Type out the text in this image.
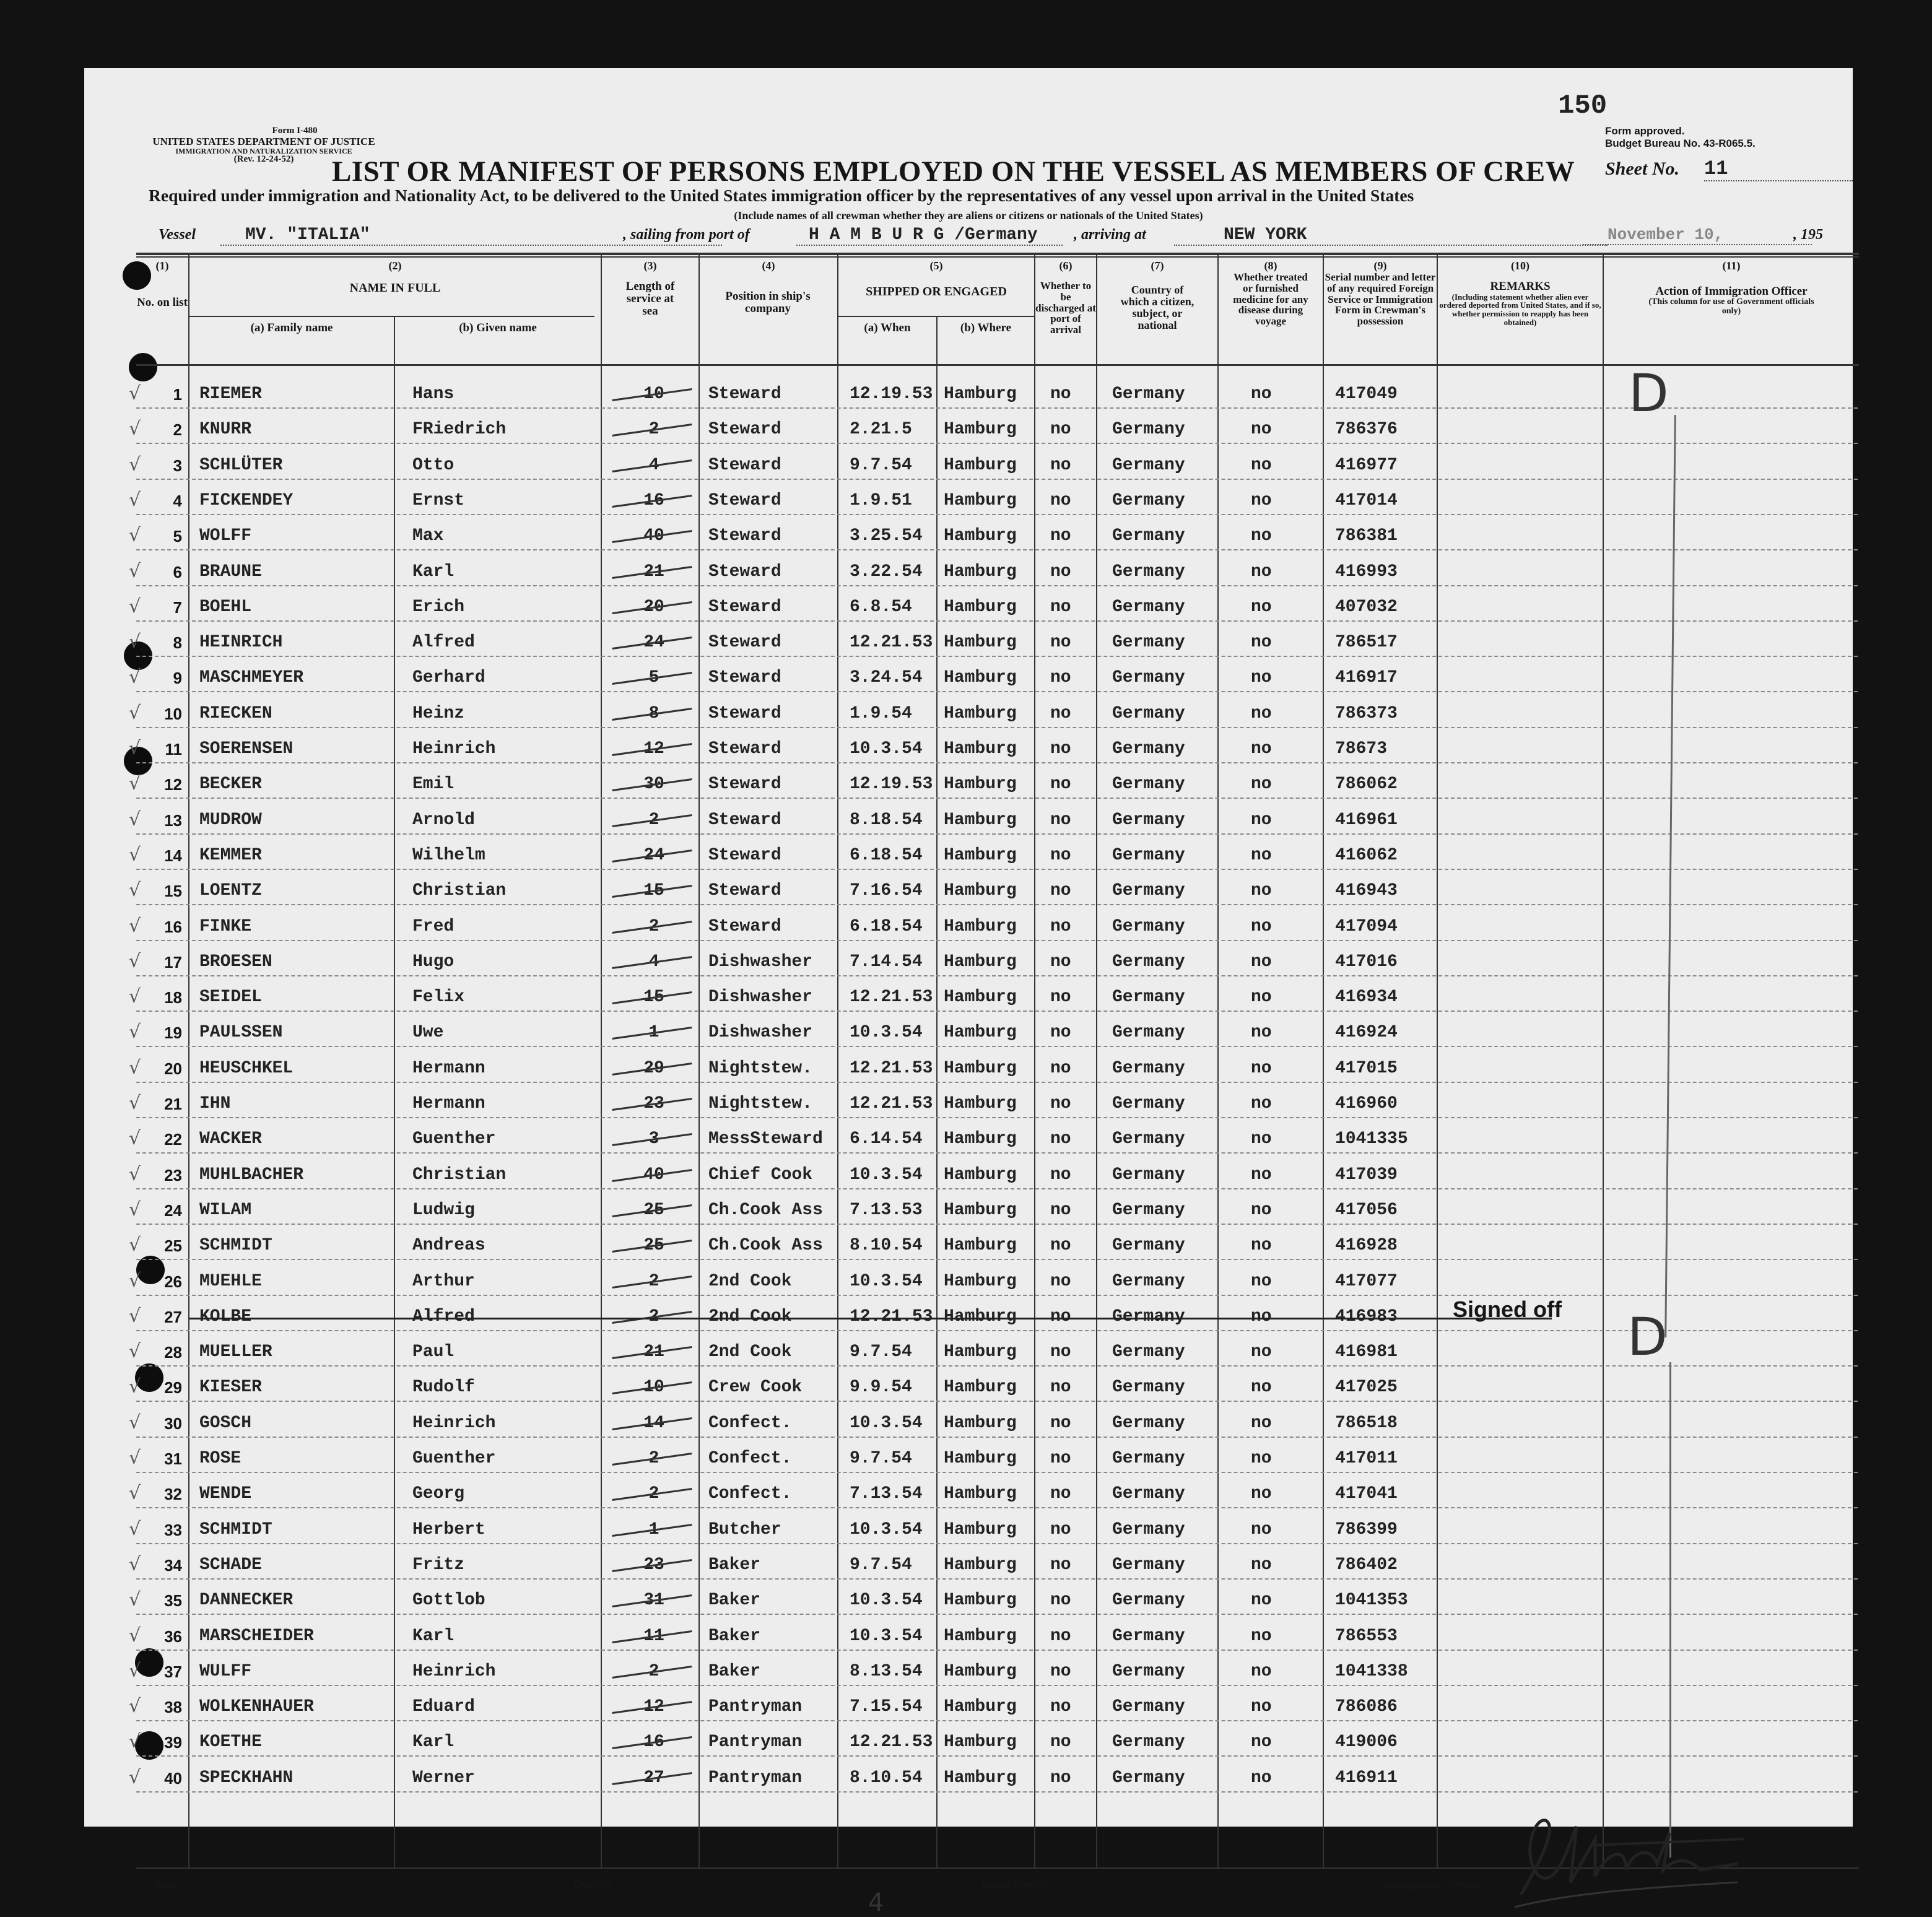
150
Form I-480
UNITED STATES DEPARTMENT OF JUSTICE
IMMIGRATION AND NATURALIZATION SERVICE
(Rev. 12-24-52)
Form approved.
Budget Bureau No. 43-R065.5.
LIST OR MANIFEST OF PERSONS EMPLOYED ON THE VESSEL AS MEMBERS OF CREW Sheet No. 11
Required under immigration and Nationality Act, to be delivered to the United States immigration officer by the representatives of any vessel upon arrival in the United States
(Include names of all crewman whether they are aliens or citizens or nationals of the United States)
Vessel	MV. "ITALIA"	, sailing from port of	H A M B U R G /Germany	, arriving at	NEW YORK	November 10,	, 195
(1)
No. on list
(2)
NAME IN FULL
(a) Family name	(b) Given name
(3)
Length of service at sea
(4)
Position in ship's company
(5)
SHIPPED OR ENGAGED
(a) When	(b) Where
(6)
Whether to be discharged at port of arrival
(7)
Country of which a citizen, subject, or national
(8)
Whether treated or furnished medicine for any disease during voyage
(9)
Serial number and letter of any required Foreign Service or Immigration Form in Crewman's possession
(10)
REMARKS
(Including statement whether alien ever ordered deported from United States, and if so, whether permission to reapply has been obtained)
(11)
Action of Immigration Officer
(This column for use of Government officials only)
√	1 RIEMER	Hans	10	Steward	12.19.53 Hamburg no Germany	no	417049
√	2 KNURR	FRiedrich	2	Steward	2.21.5 Hamburg no Germany	no	786376
√	3 SCHLÜTER	Otto	4	Steward	9.7.54 Hamburg no Germany	no	416977
√	4 FICKENDEY	Ernst	16	Steward	1.9.51 Hamburg no Germany	no	417014
√	5 WOLFF	Max	40	Steward	3.25.54 Hamburg no Germany	no	786381
√	6 BRAUNE	Karl	21	Steward	3.22.54 Hamburg no Germany	no	416993
√	7 BOEHL	Erich	20	Steward	6.8.54 Hamburg no Germany	no	407032
√	8 HEINRICH	Alfred	24	Steward	12.21.53 Hamburg no Germany	no	786517
√	9 MASCHMEYER	Gerhard	5	Steward	3.24.54 Hamburg no Germany	no	416917
√	10 RIECKEN	Heinz	8	Steward	1.9.54 Hamburg no Germany	no	786373
√	11 SOERENSEN	Heinrich	12	Steward	10.3.54 Hamburg no Germany	no	78673
√	12 BECKER	Emil	30	Steward	12.19.53 Hamburg no Germany	no	786062
√	13 MUDROW	Arnold	2	Steward	8.18.54 Hamburg no Germany	no	416961
√	14 KEMMER	Wilhelm	24	Steward	6.18.54 Hamburg no Germany	no	416062
√	15 LOENTZ	Christian	15	Steward	7.16.54 Hamburg no Germany	no	416943
√	16 FINKE	Fred	2	Steward	6.18.54 Hamburg no Germany	no	417094
√	17 BROESEN	Hugo	4	Dishwasher 7.14.54 Hamburg no Germany	no	417016
√	18 SEIDEL	Felix	15	Dishwasher 12.21.53 Hamburg no Germany	no	416934
√	19 PAULSSEN	Uwe	1	Dishwasher 10.3.54 Hamburg no Germany	no	416924
√	20 HEUSCHKEL	Hermann	29	Nightstew. 12.21.53 Hamburg no Germany	no	417015
√	21 IHN	Hermann	23	Nightstew. 12.21.53 Hamburg no Germany	no	416960
√	22 WACKER	Guenther	3	MessSteward 6.14.54 Hamburg no Germany	no	1041335
√	23 MUHLBACHER	Christian	40	Chief Cook 10.3.54 Hamburg no Germany	no	417039
√	24 WILAM	Ludwig	25	Ch.Cook Ass 7.13.53 Hamburg no Germany	no	417056
√	25 SCHMIDT	Andreas	25	Ch.Cook Ass 8.10.54 Hamburg no Germany	no	416928
√	26 MUEHLE	Arthur	2	2nd Cook	10.3.54 Hamburg no Germany	no	417077
√	27 KOLBE	Alfred	2	2nd Cook	12.21.53 Hamburg no Germany	no	416983 Signed off
√	28 MUELLER	Paul	21	2nd Cook	9.7.54 Hamburg no Germany	no	416981
√	29 KIESER	Rudolf	10	Crew Cook	9.9.54 Hamburg no Germany	no	417025
√	30 GOSCH	Heinrich	14	Confect.	10.3.54 Hamburg no Germany	no	786518
√	31 ROSE	Guenther	2	Confect.	9.7.54 Hamburg no Germany	no	417011
√	32 WENDE	Georg	2	Confect.	7.13.54 Hamburg no Germany	no	417041
√	33 SCHMIDT	Herbert	1	Butcher	10.3.54 Hamburg no Germany	no	786399
√	34 SCHADE	Fritz	23	Baker	9.7.54 Hamburg no Germany	no	786402
√	35 DANNECKER	Gottlob	31	Baker	10.3.54 Hamburg no Germany	no	1041353
√	36 MARSCHEIDER	Karl	11	Baker	10.3.54 Hamburg no Germany	no	786553
√	37 WULFF	Heinrich	2	Baker	8.13.54 Hamburg no Germany	no	1041338
√	38 WOLKENHAUER	Eduard	12	Pantryman	7.15.54 Hamburg no Germany	no	786086
√	39 KOETHE	Karl	16	Pantryman	12.21.53 Hamburg no Germany	no	419006
√	40 SPECKHAHN	Werner	27	Pantryman	8.10.54 Hamburg no Germany	no	416911
D
D
Line	Owners	Local Agents	Immigration Officer
16—67829-1
4
